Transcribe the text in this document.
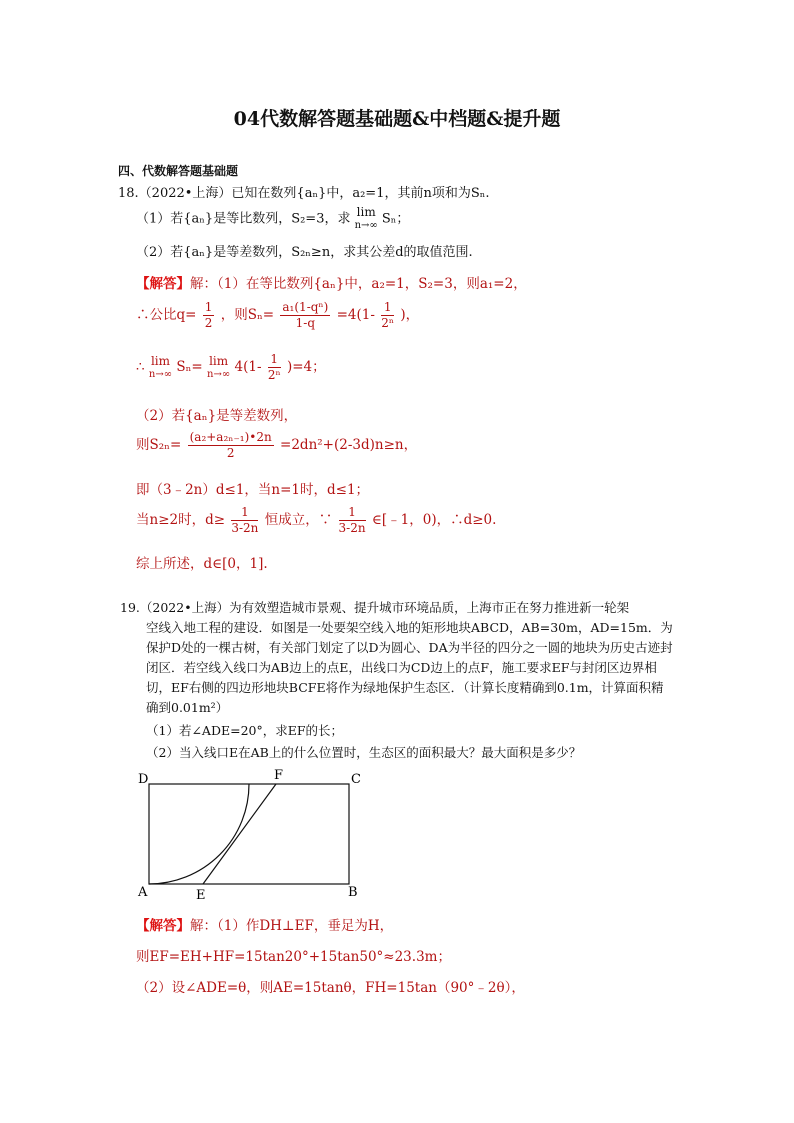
04代数解答题基础题&中档题&提升题
四、代数解答题基础题
18.（2022•上海）已知在数列{aₙ}中，a₂=1，其前n项和为Sₙ.
（1）若{aₙ}是等比数列，S₂=3，求 lim
n→∞ Sₙ；
（2）若{aₙ}是等差数列，S₂ₙ≥n，求其公差d的取值范围.
【解答】解：（1）在等比数列{aₙ}中，a₂=1，S₂=3，则a₁=2，
∴公比$q= \frac{1}{2}$ ，则$S_n= \frac{\text{a₁(1-qⁿ)}}{1-q} =4(1- \frac{1}{\text{2ⁿ}}$ )，
∴ lim
n→∞ Sₙ= lim
n→∞ $4(1- \frac{1}{\text{2ⁿ}} )=4$；
（2）若{aₙ}是等差数列，
则$S_{2n}= \frac{\text{(a₂+a₂ₙ₋₁)•2n}}{2} =2dn^2+(2-3d)n\ge n$，
即（3﹣2n）d≤1，当n=1时，d≤1；
当n≥2时，$d\ge \frac{1}{3-2n}$ 恒成立，∵ $\frac{1}{3-2n}$ ∈[﹣1，0)，∴d≥0.
综上所述，d∈[0，1].
19.（2022•上海）为有效塑造城市景观、提升城市环境品质，上海市正在努力推进新一轮架
空线入地工程的建设．如图是一处要架空线入地的矩形地块ABCD，AB=30m，AD=15m．为保护D处的一棵古树，有关部门划定了以D为圆心、DA为半径的四分之一圆的地块为历史古迹封闭区．若空线入线口为AB边上的点E，出线口为CD边上的点F，施工要求EF与封闭区边界相切，EF右侧的四边形地块BCFE将作为绿地保护生态区．（计算长度精确到0.1m，计算面积精确到0.01m²）
（1）若∠ADE=20°，求EF的长；
（2）当入线口E在AB上的什么位置时，生态区的面积最大？最大面积是多少？
D	F	C
A	E	B
【解答】解：（1）作DH⊥EF，垂足为H，
则EF=EH+HF=15tan20°+15tan50°≈23.3m；
（2）设∠ADE=θ，则AE=15tanθ，FH=15tan（90°﹣2θ），
